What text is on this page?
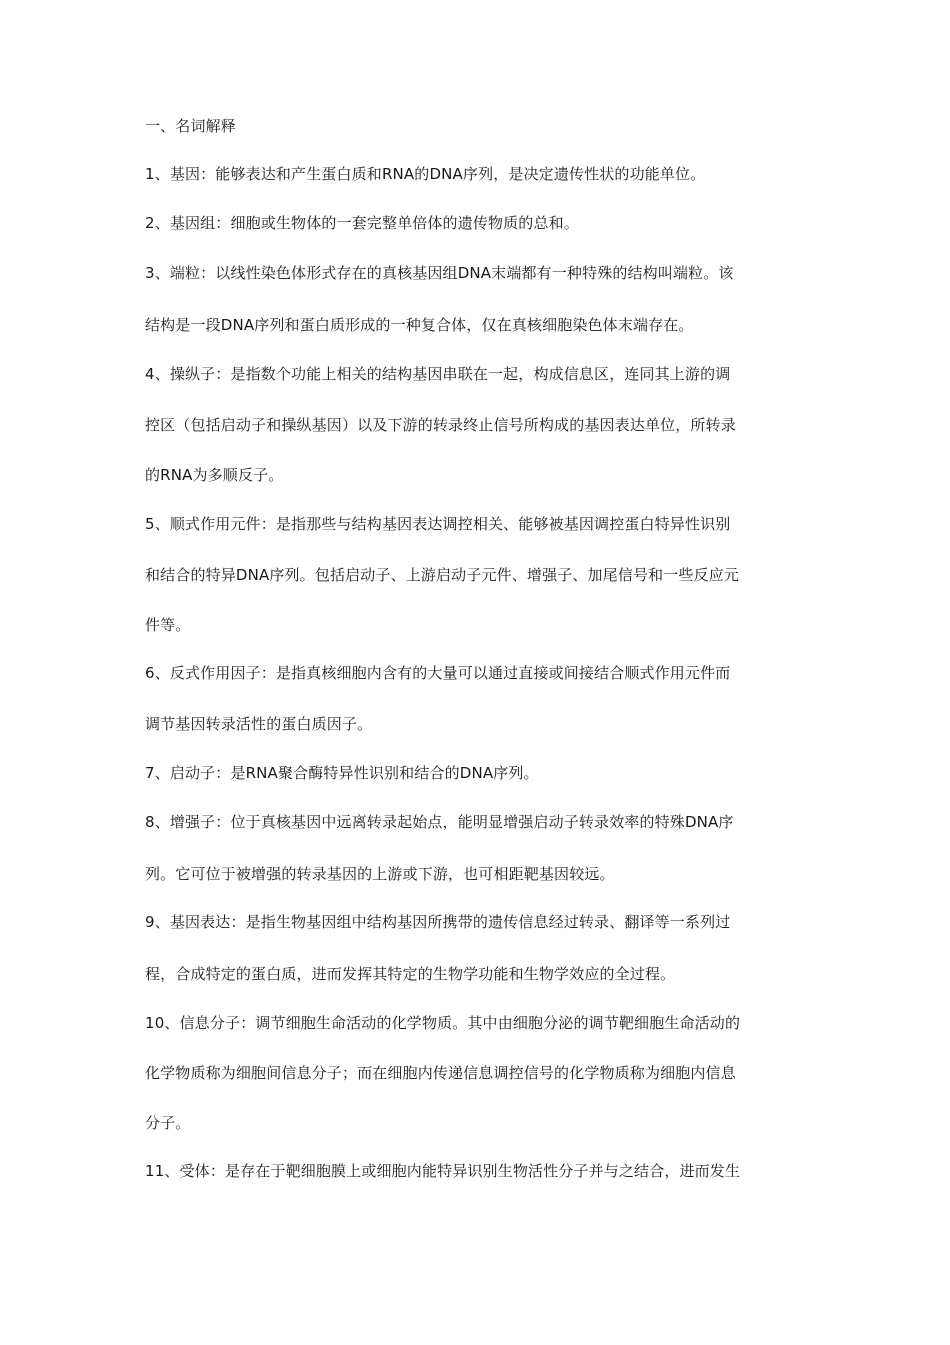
一、名词解释
1、基因：能够表达和产生蛋白质和RNA的DNA序列，是决定遗传性状的功能单位。
2、基因组：细胞或生物体的一套完整单倍体的遗传物质的总和。
3、端粒：以线性染色体形式存在的真核基因组DNA末端都有一种特殊的结构叫端粒。该
结构是一段DNA序列和蛋白质形成的一种复合体，仅在真核细胞染色体末端存在。
4、操纵子：是指数个功能上相关的结构基因串联在一起，构成信息区，连同其上游的调
控区（包括启动子和操纵基因）以及下游的转录终止信号所构成的基因表达单位，所转录
的RNA为多顺反子。
5、顺式作用元件：是指那些与结构基因表达调控相关、能够被基因调控蛋白特异性识别
和结合的特异DNA序列。包括启动子、上游启动子元件、增强子、加尾信号和一些反应元
件等。
6、反式作用因子：是指真核细胞内含有的大量可以通过直接或间接结合顺式作用元件而
调节基因转录活性的蛋白质因子。
7、启动子：是RNA聚合酶特异性识别和结合的DNA序列。
8、增强子：位于真核基因中远离转录起始点，能明显增强启动子转录效率的特殊DNA序
列。它可位于被增强的转录基因的上游或下游，也可相距靶基因较远。
9、基因表达：是指生物基因组中结构基因所携带的遗传信息经过转录、翻译等一系列过
程，合成特定的蛋白质，进而发挥其特定的生物学功能和生物学效应的全过程。
10、信息分子：调节细胞生命活动的化学物质。其中由细胞分泌的调节靶细胞生命活动的
化学物质称为细胞间信息分子；而在细胞内传递信息调控信号的化学物质称为细胞内信息
分子。
11、受体：是存在于靶细胞膜上或细胞内能特异识别生物活性分子并与之结合，进而发生
